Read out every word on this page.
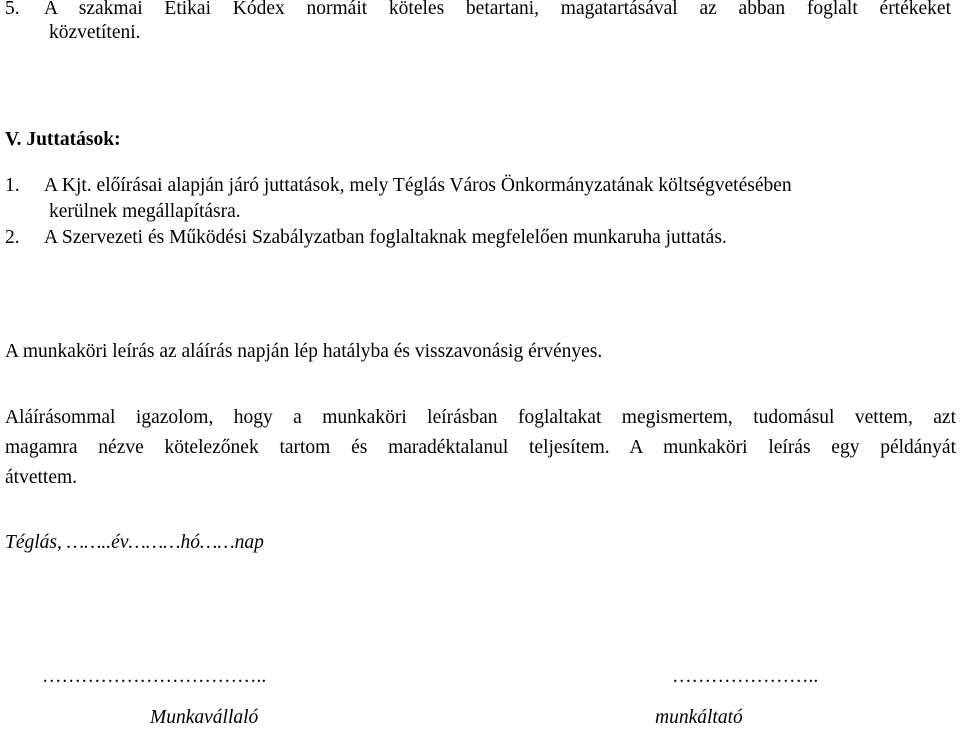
5. A szakmai Etikai Kódex normáit köteles betartani, magatartásával az abban foglalt értékeket
közvetíteni.
V. Juttatások:
1. A Kjt. előírásai alapján járó juttatások, mely Téglás Város Önkormányzatának költségvetésében
kerülnek megállapításra.
2. A Szervezeti és Működési Szabályzatban foglaltaknak megfelelően munkaruha juttatás.
A munkaköri leírás az aláírás napján lép hatályba és visszavonásig érvényes.
Aláírásommal igazolom, hogy a munkaköri leírásban foglaltakat megismertem, tudomásul vettem, azt
magamra nézve kötelezőnek tartom és maradéktalanul teljesítem. A munkaköri leírás egy példányát
átvettem.
Téglás, ……..év………hó……nap
……………………………..	…………………..
Munkavállaló	munkáltató
